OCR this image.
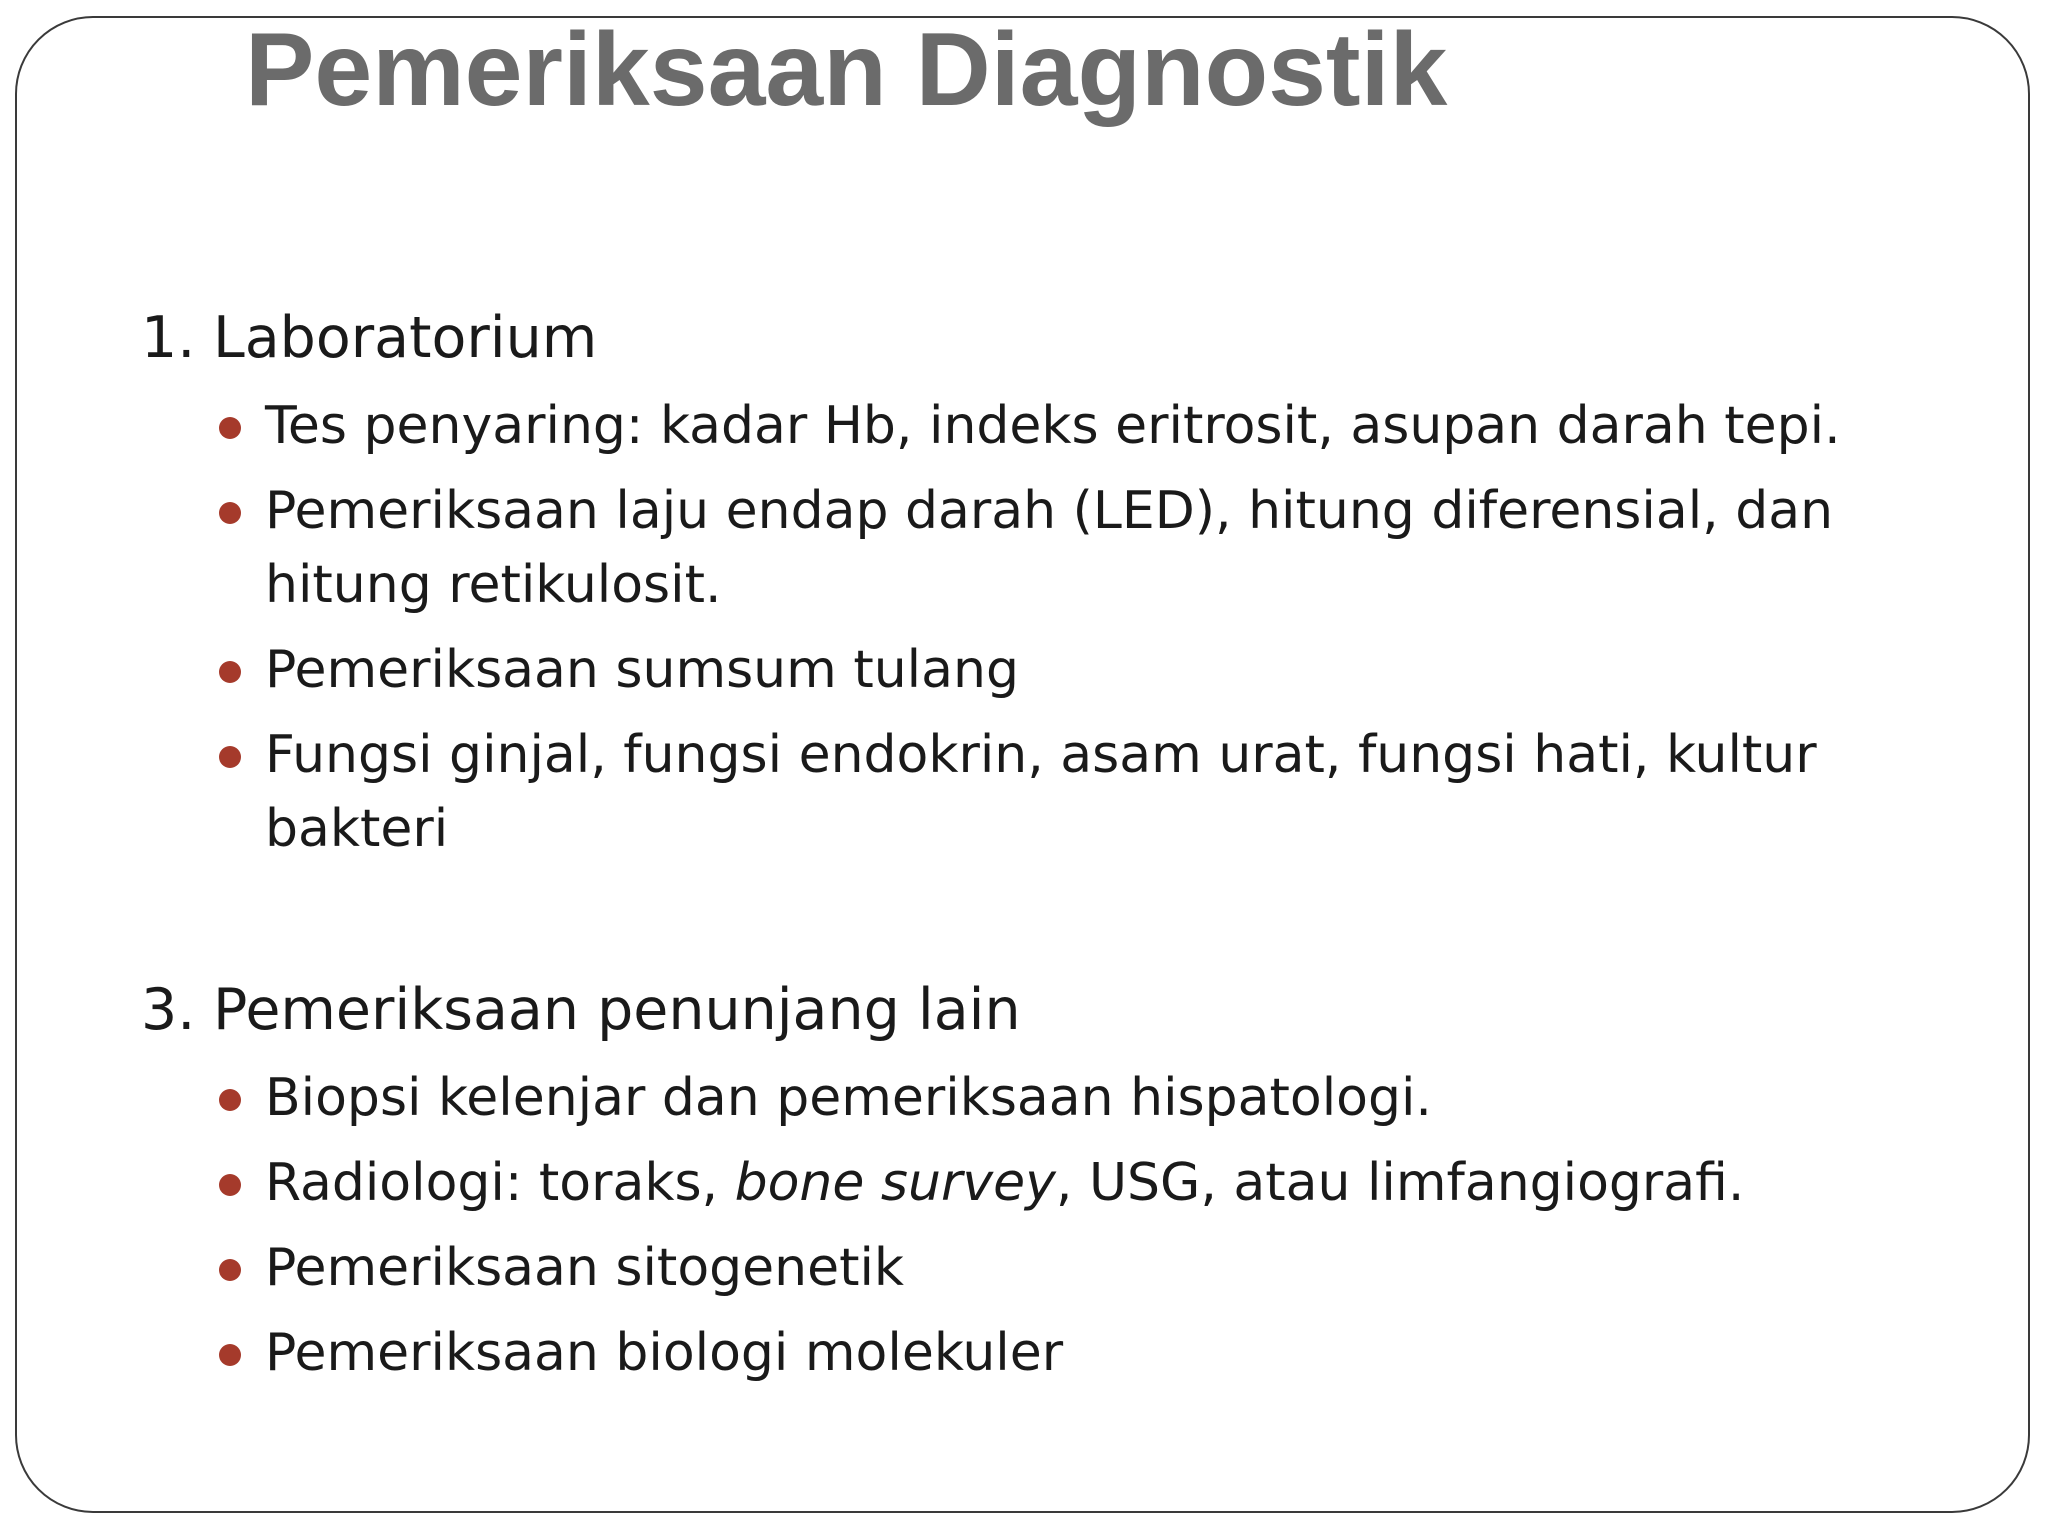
Pemeriksaan Diagnostik

1. Laboratorium

Tes penyaring: kadar Hb, indeks eritrosit, asupan darah tepi.
Pemeriksaan laju endap darah (LED), hitung diferensial, dan hitung retikulosit.
Pemeriksaan sumsum tulang
Fungsi ginjal, fungsi endokrin, asam urat, fungsi hati, kultur bakteri

3. Pemeriksaan penunjang lain

Biopsi kelenjar dan pemeriksaan hispatologi.
Radiologi: toraks, bone survey, USG, atau limfangiografi.
Pemeriksaan sitogenetik
Pemeriksaan biologi molekuler
